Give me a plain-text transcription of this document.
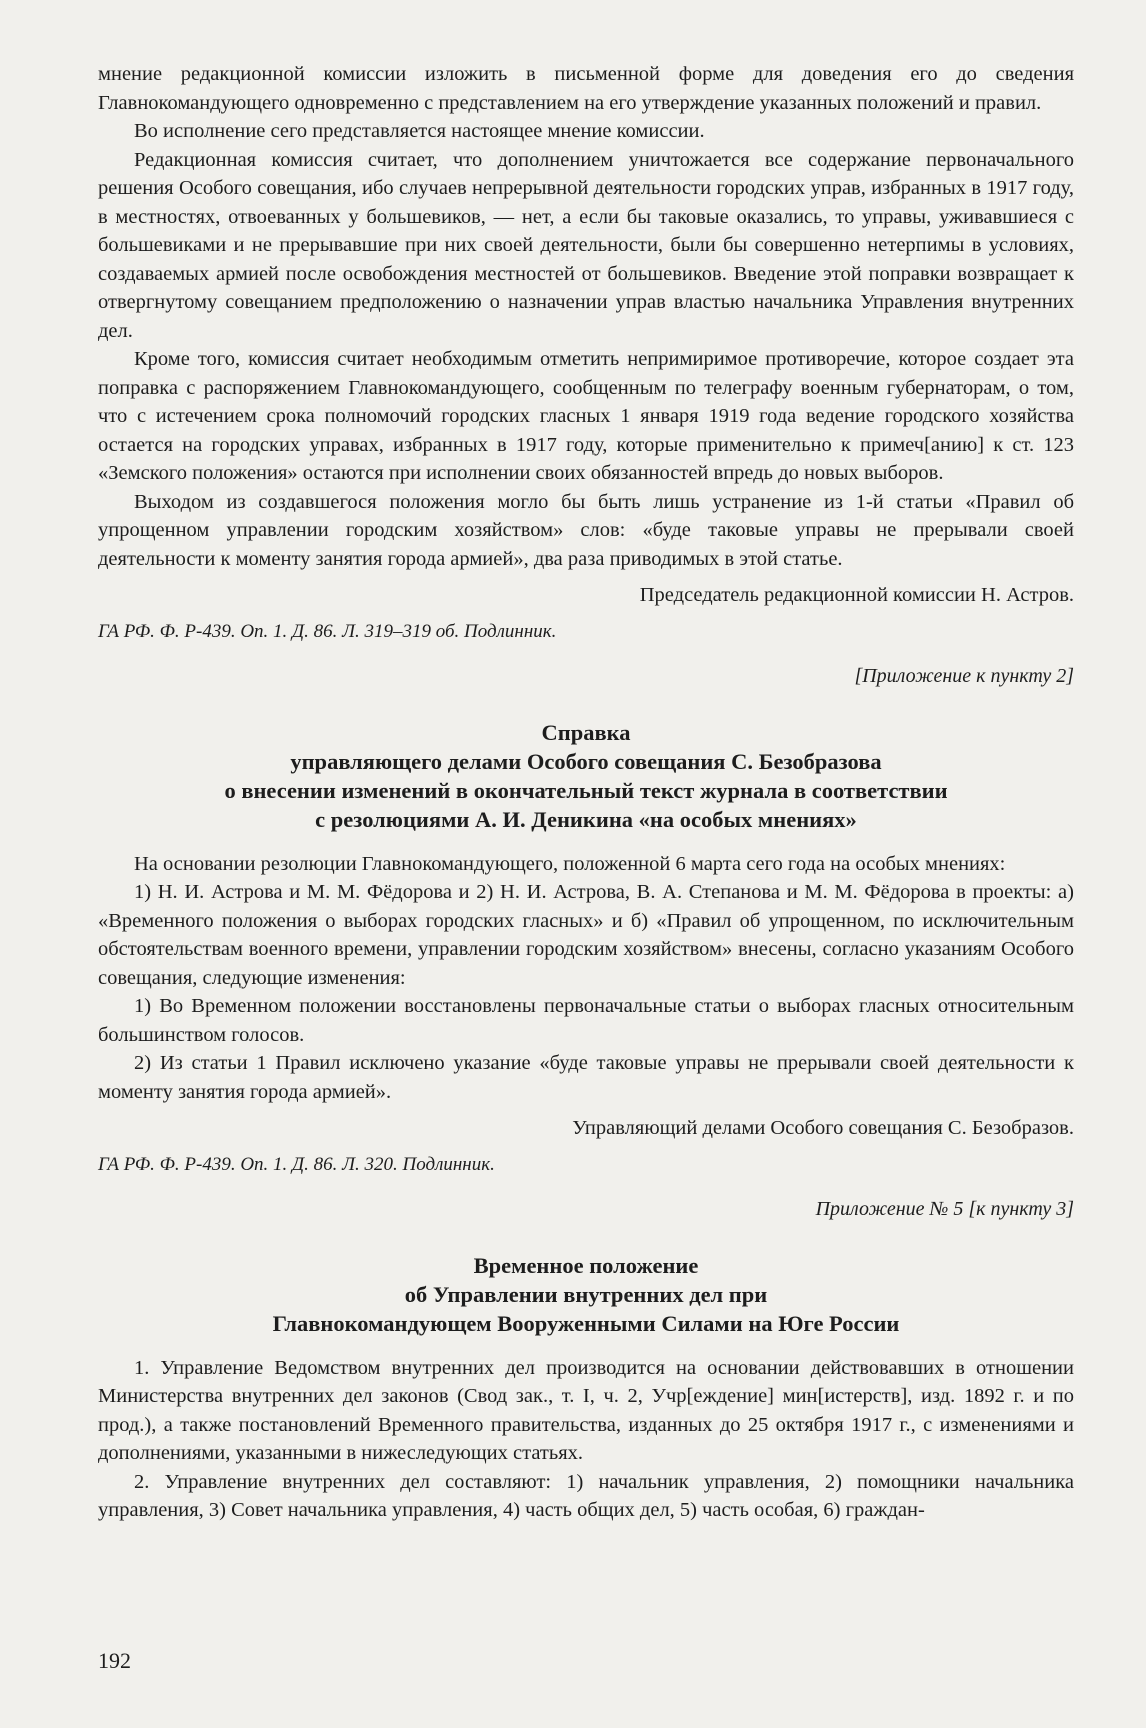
мнение редакционной комиссии изложить в письменной форме для доведения его до сведения Главнокомандующего одновременно с представлением на его утверждение указанных положений и правил.

Во исполнение сего представляется настоящее мнение комиссии.

Редакционная комиссия считает, что дополнением уничтожается все содержание первоначального решения Особого совещания, ибо случаев непрерывной деятельности городских управ, избранных в 1917 году, в местностях, отвоеванных у большевиков, — нет, а если бы таковые оказались, то управы, уживавшиеся с большевиками и не прерывавшие при них своей деятельности, были бы совершенно нетерпимы в условиях, создаваемых армией после освобождения местностей от большевиков. Введение этой поправки возвращает к отвергнутому совещанием предположению о назначении управ властью начальника Управления внутренних дел.

Кроме того, комиссия считает необходимым отметить непримиримое противоречие, которое создает эта поправка с распоряжением Главнокомандующего, сообщенным по телеграфу военным губернаторам, о том, что с истечением срока полномочий городских гласных 1 января 1919 года ведение городского хозяйства остается на городских управах, избранных в 1917 году, которые применительно к примеч[анию] к ст. 123 «Земского положения» остаются при исполнении своих обязанностей впредь до новых выборов.

Выходом из создавшегося положения могло бы быть лишь устранение из 1-й статьи «Правил об упрощенном управлении городским хозяйством» слов: «буде таковые управы не прерывали своей деятельности к моменту занятия города армией», два раза приводимых в этой статье.

Председатель редакционной комиссии Н. Астров.

ГА РФ. Ф. Р-439. Оп. 1. Д. 86. Л. 319–319 об. Подлинник.

[Приложение к пункту 2]

Справка
управляющего делами Особого совещания С. Безобразова
о внесении изменений в окончательный текст журнала в соответствии
с резолюциями А. И. Деникина «на особых мнениях»

На основании резолюции Главнокомандующего, положенной 6 марта сего года на особых мнениях:

1) Н. И. Астрова и М. М. Фёдорова и 2) Н. И. Астрова, В. А. Степанова и М. М. Фёдорова в проекты: а) «Временного положения о выборах городских гласных» и б) «Правил об упрощенном, по исключительным обстоятельствам военного времени, управлении городским хозяйством» внесены, согласно указаниям Особого совещания, следующие изменения:

1) Во Временном положении восстановлены первоначальные статьи о выборах гласных относительным большинством голосов.

2) Из статьи 1 Правил исключено указание «буде таковые управы не прерывали своей деятельности к моменту занятия города армией».

Управляющий делами Особого совещания С. Безобразов.

ГА РФ. Ф. Р-439. Оп. 1. Д. 86. Л. 320. Подлинник.

Приложение № 5 [к пункту 3]

Временное положение
об Управлении внутренних дел при
Главнокомандующем Вооруженными Силами на Юге России

1. Управление Ведомством внутренних дел производится на основании действовавших в отношении Министерства внутренних дел законов (Свод зак., т. I, ч. 2, Учр[еждение] мин[истерств], изд. 1892 г. и по прод.), а также постановлений Временного правительства, изданных до 25 октября 1917 г., с изменениями и дополнениями, указанными в нижеследующих статьях.

2. Управление внутренних дел составляют: 1) начальник управления, 2) помощники начальника управления, 3) Совет начальника управления, 4) часть общих дел, 5) часть особая, 6) граждан-

192
